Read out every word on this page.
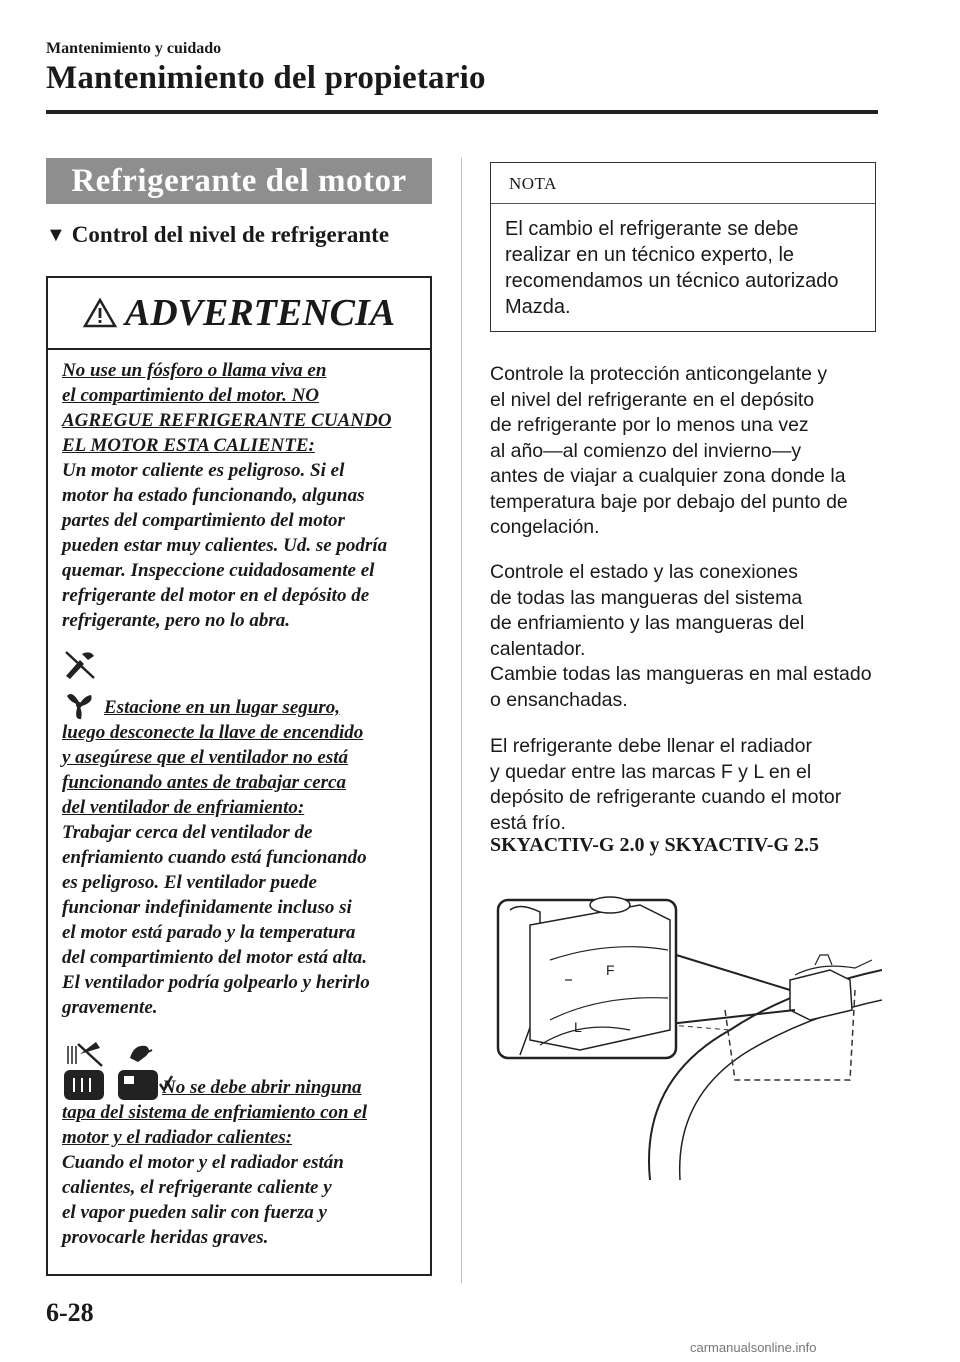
Mantenimiento y cuidado
Mantenimiento del propietario
Refrigerante del motor
▼ Control del nivel de refrigerante
ADVERTENCIA
No use un fósforo o llama viva en
el compartimiento del motor. NO
AGREGUE REFRIGERANTE CUANDO
EL MOTOR ESTA CALIENTE:
Un motor caliente es peligroso. Si el
motor ha estado funcionando, algunas
partes del compartimiento del motor
pueden estar muy calientes. Ud. se podría
quemar. Inspeccione cuidadosamente el
refrigerante del motor en el depósito de
refrigerante, pero no lo abra.
Estacione en un lugar seguro,
luego desconecte la llave de encendido
y asegúrese que el ventilador no está
funcionando antes de trabajar cerca
del ventilador de enfriamiento:
Trabajar cerca del ventilador de
enfriamiento cuando está funcionando
es peligroso. El ventilador puede
funcionar indefinidamente incluso si
el motor está parado y la temperatura
del compartimiento del motor está alta.
El ventilador podría golpearlo y herirlo
gravemente.
No se debe abrir ninguna
tapa del sistema de enfriamiento con el
motor y el radiador calientes:
Cuando el motor y el radiador están
calientes, el refrigerante caliente y
el vapor pueden salir con fuerza y
provocarle heridas graves.
NOTA
El cambio el refrigerante se debe
realizar en un técnico experto, le
recomendamos un técnico autorizado
Mazda.
Controle la protección anticongelante y
el nivel del refrigerante en el depósito
de refrigerante por lo menos una vez
al año—al comienzo del invierno—y
antes de viajar a cualquier zona donde la
temperatura baje por debajo del punto de
congelación.
Controle el estado y las conexiones
de todas las mangueras del sistema
de enfriamiento y las mangueras del
calentador.
Cambie todas las mangueras en mal estado
o ensanchadas.
El refrigerante debe llenar el radiador
y quedar entre las marcas F y L en el
depósito de refrigerante cuando el motor
está frío.
SKYACTIV-G 2.0 y SKYACTIV-G 2.5
F
L
6-28
carmanualsonline.info
